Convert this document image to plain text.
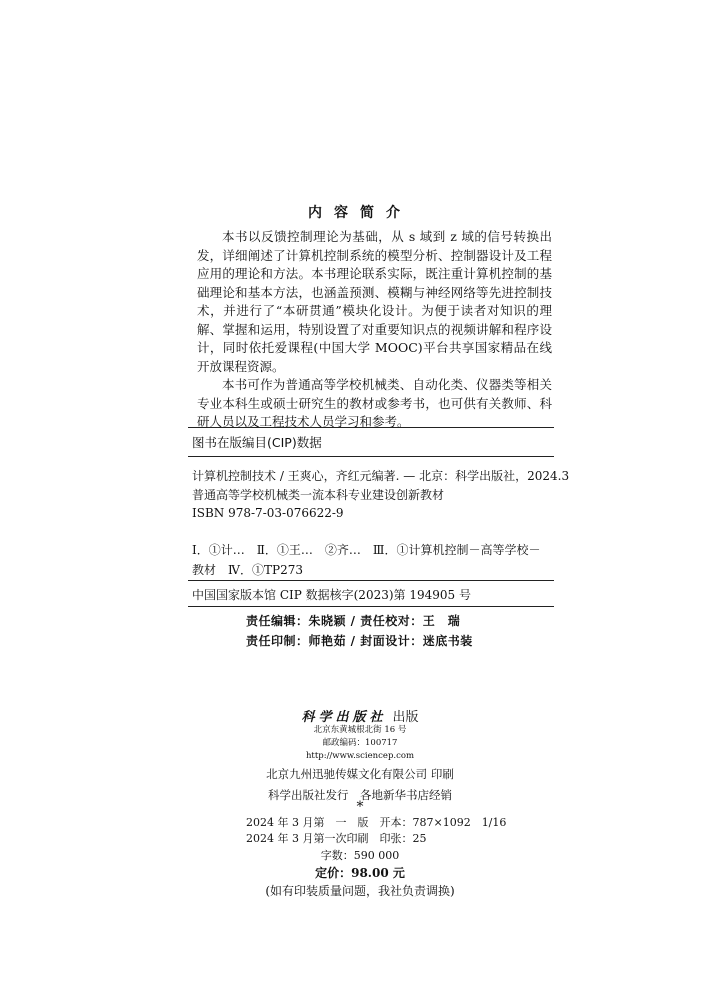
内容简介

本书以反馈控制理论为基础，从 s 域到 z 域的信号转换出发，详细阐述了计算机控制系统的模型分析、控制器设计及工程应用的理论和方法。本书理论联系实际，既注重计算机控制的基础理论和基本方法，也涵盖预测、模糊与神经网络等先进控制技术，并进行了“本研贯通”模块化设计。为便于读者对知识的理解、掌握和运用，特别设置了对重要知识点的视频讲解和程序设计，同时依托爱课程(中国大学 MOOC)平台共享国家精品在线开放课程资源。

本书可作为普通高等学校机械类、自动化类、仪器类等相关专业本科生或硕士研究生的教材或参考书，也可供有关教师、科研人员以及工程技术人员学习和参考。

图书在版编目(CIP)数据
计算机控制技术 / 王爽心，齐红元编著. — 北京：科学出版社，2024.3
普通高等学校机械类一流本科专业建设创新教材
ISBN 978-7-03-076622-9
Ⅰ．①计…　Ⅱ．①王…　②齐…　Ⅲ．①计算机控制－高等学校－
教材　Ⅳ．①TP273
中国国家版本馆 CIP 数据核字(2023)第 194905 号
责任编辑：朱晓颖 / 责任校对：王　瑞
责任印制：师艳茹 / 封面设计：迷底书装
科学出版社 出版
北京东黄城根北街 16 号
邮政编码：100717
http://www.sciencep.com
北京九州迅驰传媒文化有限公司 印刷
科学出版社发行　各地新华书店经销
*
2024 年 3 月第　一　版　开本：787×1092　1/16
2024 年 3 月第一次印刷　印张：25
字数：590 000
定价：98.00 元
(如有印装质量问题，我社负责调换)
